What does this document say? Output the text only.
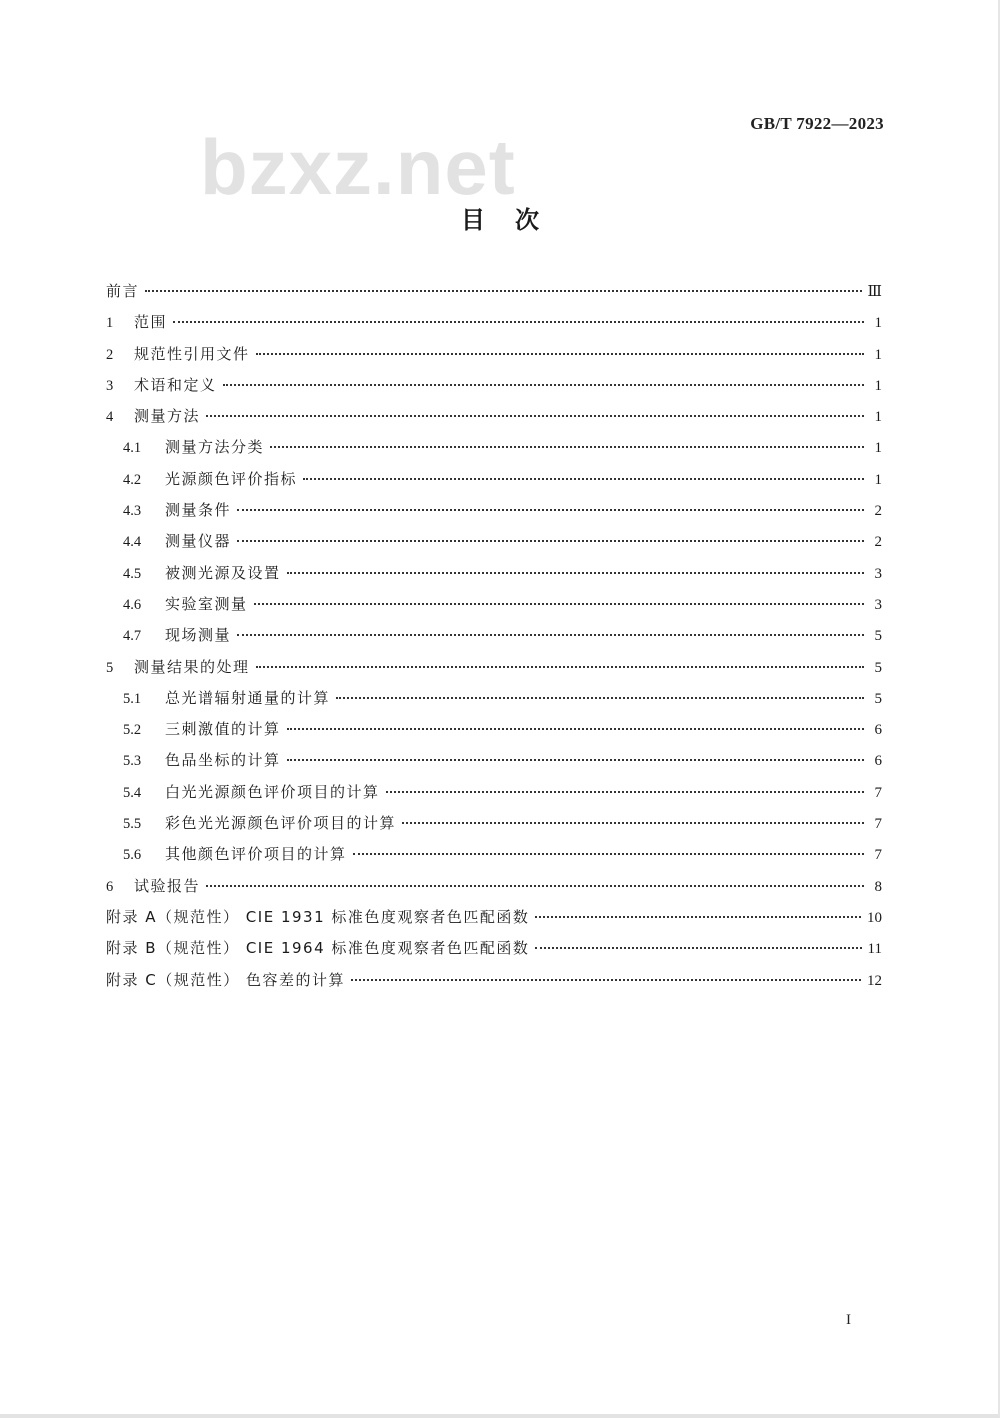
GB/T 7922—2023
bzxz.net
目次
前言	Ⅲ
1	范围	1
2	规范性引用文件	1
3	术语和定义	1
4	测量方法	1
4.1	测量方法分类	1
4.2	光源颜色评价指标	1
4.3	测量条件	2
4.4	测量仪器	2
4.5	被测光源及设置	3
4.6	实验室测量	3
4.7	现场测量	5
5	测量结果的处理	5
5.1	总光谱辐射通量的计算	5
5.2	三刺激值的计算	6
5.3	色品坐标的计算	6
5.4	白光光源颜色评价项目的计算	7
5.5	彩色光光源颜色评价项目的计算	7
5.6	其他颜色评价项目的计算	7
6	试验报告	8
附录 A（规范性） CIE 1931 标准色度观察者色匹配函数	10
附录 B（规范性） CIE 1964 标准色度观察者色匹配函数	11
附录 C（规范性） 色容差的计算	12
I
